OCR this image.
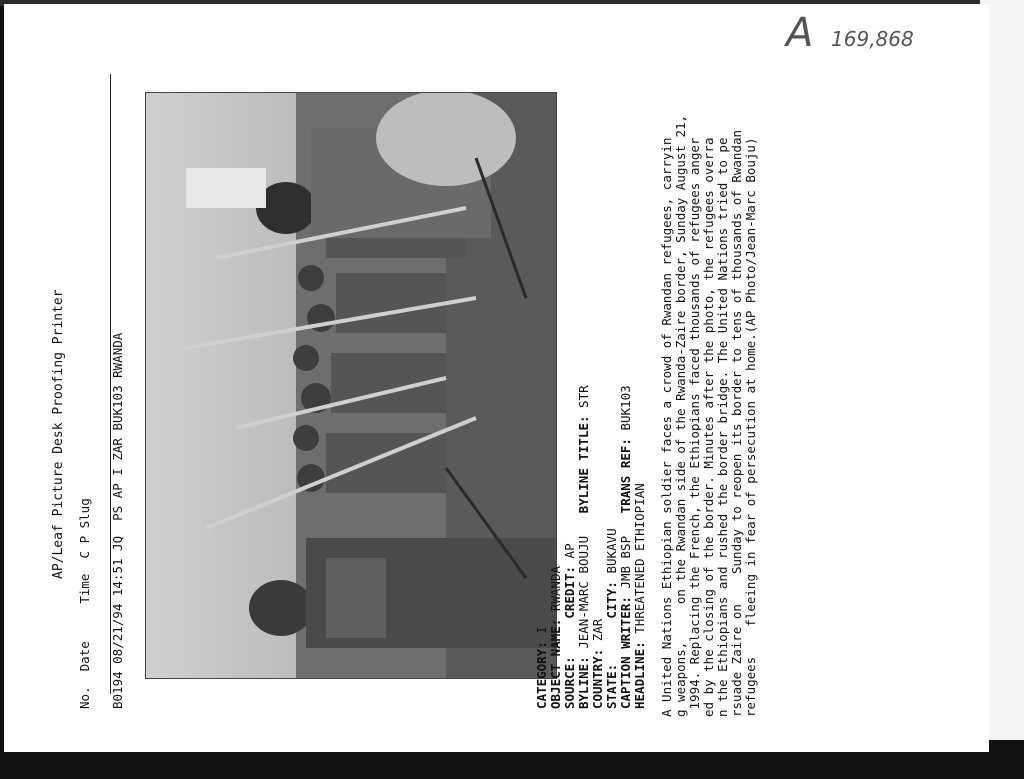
A 169,868
AP/Leaf Picture Desk Proofing Printer
No.  Date     Time  C P Slug B0194 08/21/94 14:51 JQ  PS AP I ZAR BUK103 RWANDA	CATEGORY: I OBJECT NAME: RWANDA
SOURCE:     CREDIT: AP
BYLINE: JEAN-MARC BOUJU   BYLINE TITLE: STR
COUNTRY: ZAR
STATE:      CITY: BUKAVU
CAPTION WRITER: JMB BSP   TRANS REF: BUK103
HEADLINE: THREATENED ETHIOPIAN A United Nations Ethiopian soldier faces a crowd of Rwandan refugees, carryin g weapons,     on the Rwandan side of the Rwanda-Zaire border, Sunday August 21, 1994. Replacing the French, the Ethiopians faced thousands of refugees anger ed by the closing of the border. Minutes after the photo, the refugees overra n the Ethiopians and rushed the border bridge. The United Nations tried to pe rsuade Zaire on    Sunday to reopen its border to tens of thousands of Rwandan refugees    fleeing in fear of persecution at home.(AP Photo/Jean-Marc Bouju)
